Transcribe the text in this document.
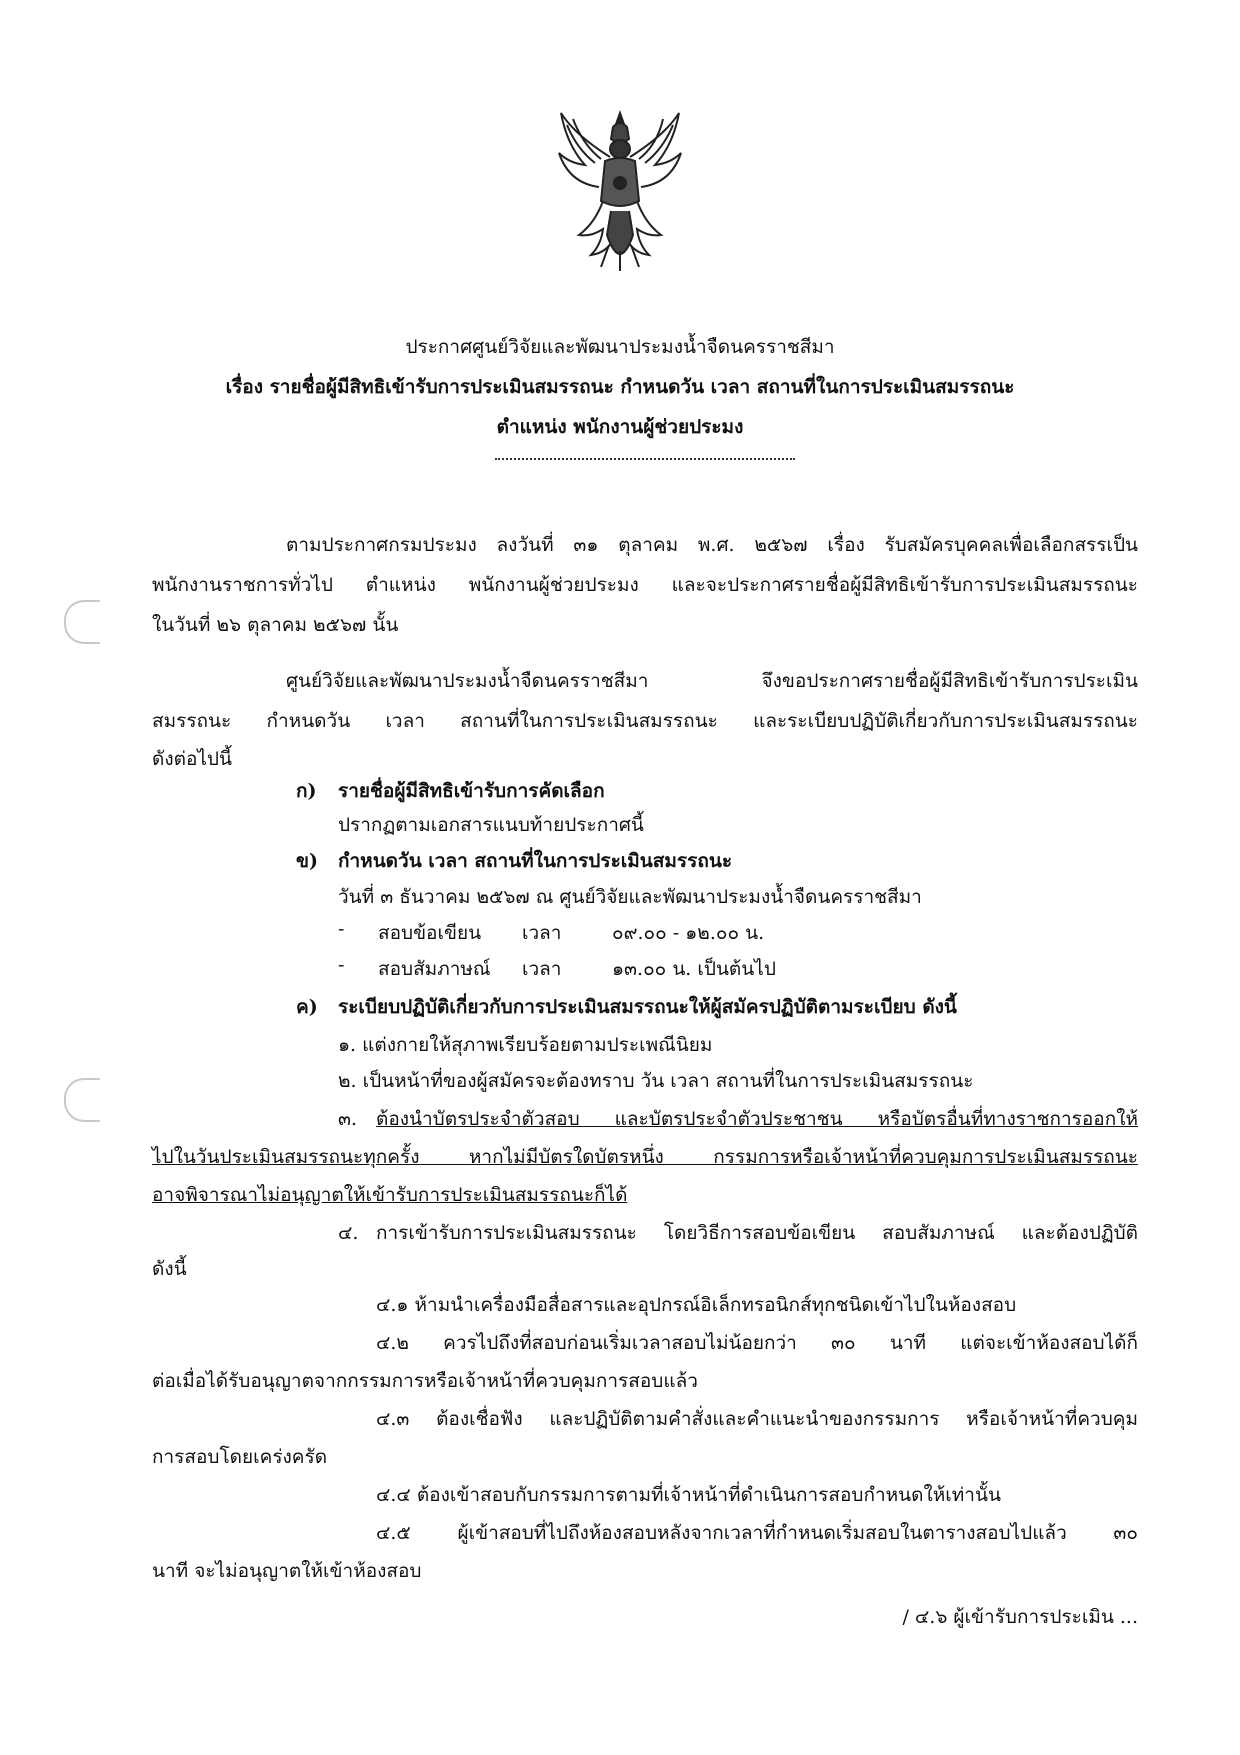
ประกาศศูนย์วิจัยและพัฒนาประมงน้ำจืดนครราชสีมา
เรื่อง รายชื่อผู้มีสิทธิเข้ารับการประเมินสมรรถนะ กำหนดวัน เวลา สถานที่ในการประเมินสมรรถนะ
ตำแหน่ง พนักงานผู้ช่วยประมง
ตามประกาศกรมประมง ลงวันที่ ๓๑ ตุลาคม พ.ศ. ๒๕๖๗ เรื่อง รับสมัครบุคคลเพื่อเลือกสรรเป็น
พนักงานราชการทั่วไป ตำแหน่ง พนักงานผู้ช่วยประมง และจะประกาศรายชื่อผู้มีสิทธิเข้ารับการประเมินสมรรถนะ
ในวันที่ ๒๖ ตุลาคม ๒๕๖๗ นั้น
ศูนย์วิจัยและพัฒนาประมงน้ำจืดนครราชสีมา จึงขอประกาศรายชื่อผู้มีสิทธิเข้ารับการประเมิน
สมรรถนะ กำหนดวัน เวลา สถานที่ในการประเมินสมรรถนะ และระเบียบปฏิบัติเกี่ยวกับการประเมินสมรรถนะ
ดังต่อไปนี้
ก) รายชื่อผู้มีสิทธิเข้ารับการคัดเลือก
ปรากฏตามเอกสารแนบท้ายประกาศนี้
ข) กำหนดวัน เวลา สถานที่ในการประเมินสมรรถนะ
วันที่ ๓ ธันวาคม ๒๕๖๗ ณ ศูนย์วิจัยและพัฒนาประมงน้ำจืดนครราชสีมา
- สอบข้อเขียน เวลา	๐๙.๐๐ - ๑๒.๐๐ น.
- สอบสัมภาษณ์ เวลา	๑๓.๐๐ น. เป็นต้นไป
ค) ระเบียบปฏิบัติเกี่ยวกับการประเมินสมรรถนะให้ผู้สมัครปฏิบัติตามระเบียบ ดังนี้
๑. แต่งกายให้สุภาพเรียบร้อยตามประเพณีนิยม
๒. เป็นหน้าที่ของผู้สมัครจะต้องทราบ วัน เวลา สถานที่ในการประเมินสมรรถนะ
๓. ต้องนำบัตรประจำตัวสอบ และบัตรประจำตัวประชาชน หรือบัตรอื่นที่ทางราชการออกให้
ไปในวันประเมินสมรรถนะทุกครั้ง หากไม่มีบัตรใดบัตรหนึ่ง กรรมการหรือเจ้าหน้าที่ควบคุมการประเมินสมรรถนะ
อาจพิจารณาไม่อนุญาตให้เข้ารับการประเมินสมรรถนะก็ได้
๔. การเข้ารับการประเมินสมรรถนะ โดยวิธีการสอบข้อเขียน สอบสัมภาษณ์ และต้องปฏิบัติ
ดังนี้
๔.๑ ห้ามนำเครื่องมือสื่อสารและอุปกรณ์อิเล็กทรอนิกส์ทุกชนิดเข้าไปในห้องสอบ
๔.๒ ควรไปถึงที่สอบก่อนเริ่มเวลาสอบไม่น้อยกว่า ๓๐ นาที แต่จะเข้าห้องสอบได้ก็
ต่อเมื่อได้รับอนุญาตจากกรรมการหรือเจ้าหน้าที่ควบคุมการสอบแล้ว
๔.๓ ต้องเชื่อฟัง และปฏิบัติตามคำสั่งและคำแนะนำของกรรมการ หรือเจ้าหน้าที่ควบคุม
การสอบโดยเคร่งครัด
๔.๔ ต้องเข้าสอบกับกรรมการตามที่เจ้าหน้าที่ดำเนินการสอบกำหนดให้เท่านั้น
๔.๕ ผู้เข้าสอบที่ไปถึงห้องสอบหลังจากเวลาที่กำหนดเริ่มสอบในตารางสอบไปแล้ว ๓๐
นาที จะไม่อนุญาตให้เข้าห้องสอบ
/ ๔.๖ ผู้เข้ารับการประเมิน ...
